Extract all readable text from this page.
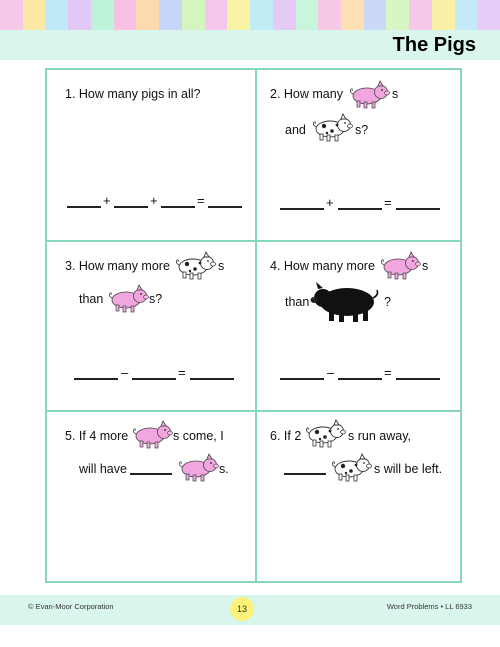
The Pigs
1. How many pigs in all?
+	+	=
2. How many	s
and	s?
+	=
3. How many more	s
than	s?
–	=
4. How many more	s
than	?
–	=
5. If 4 more	s come, I
will have	s.
6. If 2	s run away,
s will be left.
© Evan-Moor Corporation	13	Word Problems • LL 6933
